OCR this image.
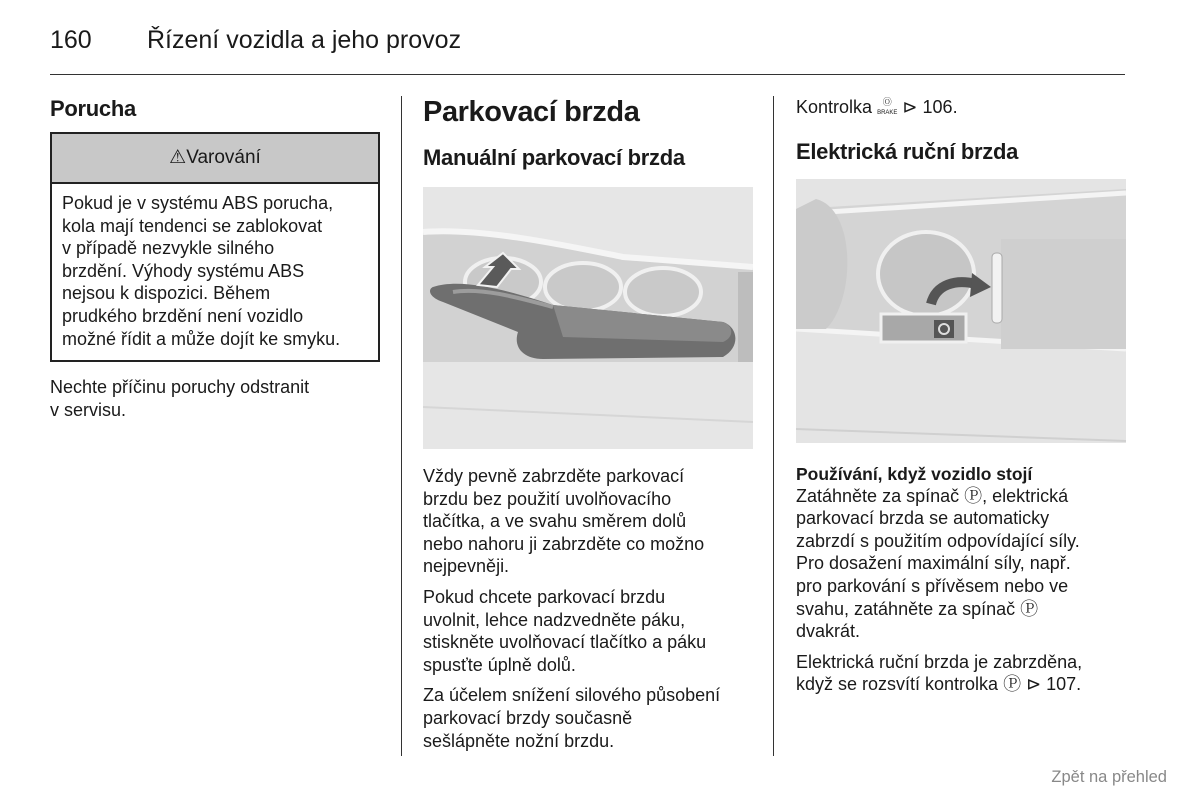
160 Řízení vozidla a jeho provoz
Porucha
⚠Varování
Pokud je v systému ABS porucha,
kola mají tendenci se zablokovat
v případě nezvykle silného
brzdění. Výhody systému ABS
nejsou k dispozici. Během
prudkého brzdění není vozidlo
možné řídit a může dojít ke smyku.

Nechte příčinu poruchy odstranit
v servisu.

Parkovací brzda
Manuální parkovací brzda

Vždy pevně zabrzděte parkovací
brzdu bez použití uvolňovacího
tlačítka, a ve svahu směrem dolů
nebo nahoru ji zabrzděte co možno
nejpevněji.

Pokud chcete parkovací brzdu
uvolnit, lehce nadzvedněte páku,
stiskněte uvolňovací tlačítko a páku
spusťte úplně dolů.

Za účelem snížení silového působení
parkovací brzdy současně
sešlápněte nožní brzdu.

Kontrolka Ⓞ
BRAKE ⊳ 106.

Elektrická ruční brzda
Používání, když vozidlo stojí

Zatáhněte za spínač Ⓟ, elektrická
parkovací brzda se automaticky
zabrzdí s použitím odpovídající síly.
Pro dosažení maximální síly, např.
pro parkování s přívěsem nebo ve
svahu, zatáhněte za spínač Ⓟ
dvakrát.

Elektrická ruční brzda je zabrzděna,
když se rozsvítí kontrolka Ⓟ ⊳ 107.

Zpět na přehled
